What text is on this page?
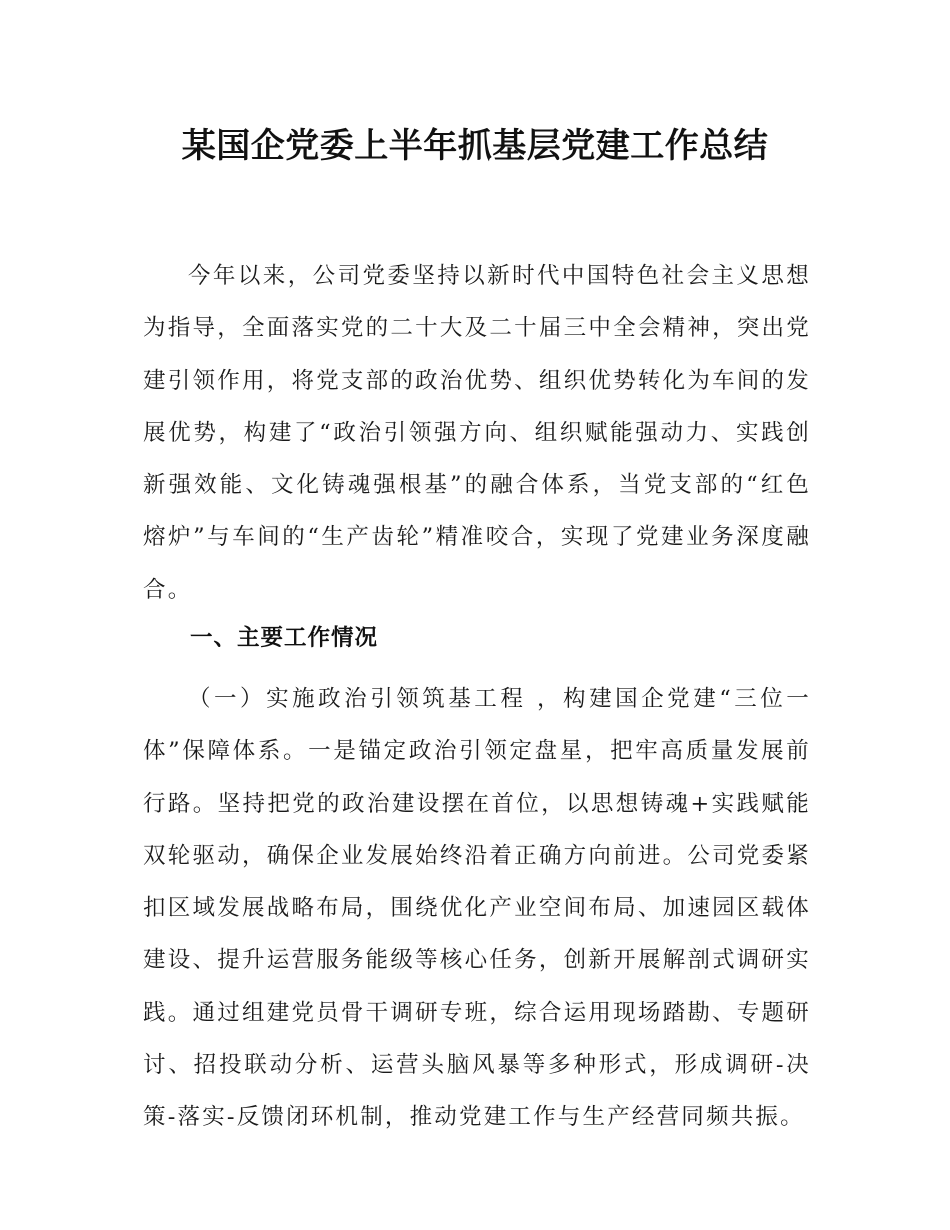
某国企党委上半年抓基层党建工作总结

今年以来，公司党委坚持以新时代中国特色社会主义思想为指导，全面落实党的二十大及二十届三中全会精神，突出党建引领作用，将党支部的政治优势、组织优势转化为车间的发展优势，构建了“政治引领强方向、组织赋能强动力、实践创新强效能、文化铸魂强根基”的融合体系，当党支部的“红色熔炉”与车间的“生产齿轮”精准咬合，实现了党建业务深度融合。

一、主要工作情况

（一）实施政治引领筑基工程 ，构建国企党建“三位一体”保障体系。一是锚定政治引领定盘星，把牢高质量发展前行路。坚持把党的政治建设摆在首位，以思想铸魂+实践赋能双轮驱动，确保企业发展始终沿着正确方向前进。公司党委紧扣区域发展战略布局，围绕优化产业空间布局、加速园区载体建设、提升运营服务能级等核心任务，创新开展解剖式调研实践。通过组建党员骨干调研专班，综合运用现场踏勘、专题研讨、招投联动分析、运营头脑风暴等多种形式，形成调研-决策-落实-反馈闭环机制，推动党建工作与生产经营同频共振。
